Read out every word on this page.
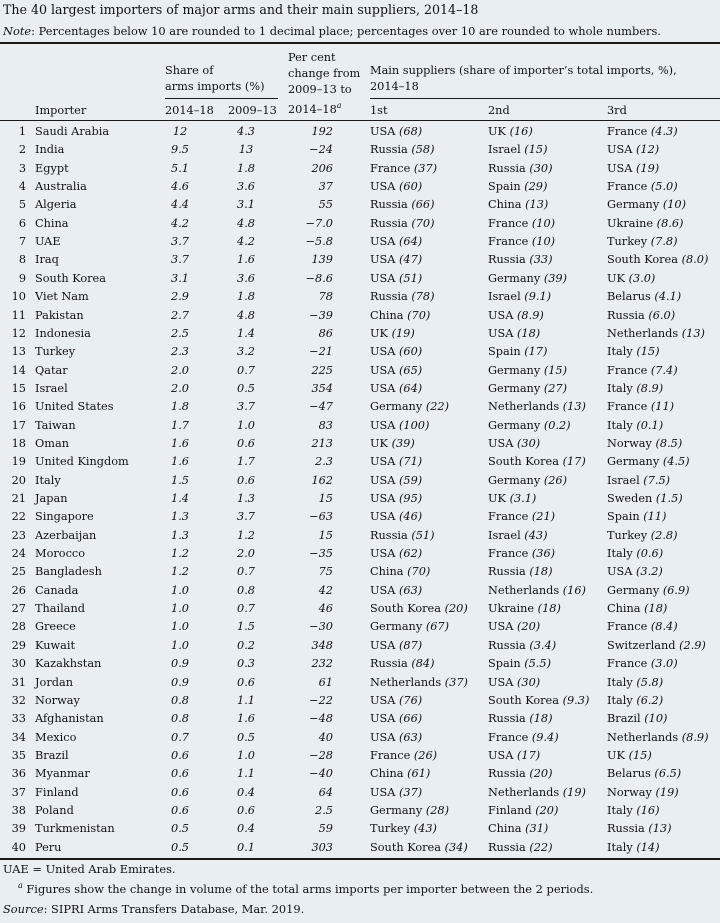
The 40 largest importers of major arms and their main suppliers, 2014–18
Note: Percentages below 10 are rounded to 1 decimal place; percentages over 10 are rounded to whole numbers.
Share of
arms imports (%)
Per cent
change from
2009–13 to
2014–18$^a$
Main suppliers (share of importer’s total imports, %),
2014–18
Importer	2014–18 2009–13	1st	2nd	3rd
1 Saudi Arabia	12	4.3	192	USA (68)	UK (16)	France (4.3)
2 India	9.5	13	−24	Russia (58)	Israel (15)	USA (12)
3 Egypt	5.1	1.8	206	France (37)	Russia (30)	USA (19)
4 Australia	4.6	3.6	37	USA (60)	Spain (29)	France (5.0)
5 Algeria	4.4	3.1	55	Russia (66)	China (13)	Germany (10)
6 China	4.2	4.8	−7.0	Russia (70)	France (10)	Ukraine (8.6)
7 UAE	3.7	4.2	−5.8	USA (64)	France (10)	Turkey (7.8)
8 Iraq	3.7	1.6	139	USA (47)	Russia (33)	South Korea (8.0)
9 South Korea	3.1	3.6	−8.6	USA (51)	Germany (39)	UK (3.0)
10 Viet Nam	2.9	1.8	78	Russia (78)	Israel (9.1)	Belarus (4.1)
11 Pakistan	2.7	4.8	−39	China (70)	USA (8.9)	Russia (6.0)
12 Indonesia	2.5	1.4	86	UK (19)	USA (18)	Netherlands (13)
13 Turkey	2.3	3.2	−21	USA (60)	Spain (17)	Italy (15)
14 Qatar	2.0	0.7	225	USA (65)	Germany (15)	France (7.4)
15 Israel	2.0	0.5	354	USA (64)	Germany (27)	Italy (8.9)
16 United States	1.8	3.7	−47	Germany (22)	Netherlands (13) France (11)
17 Taiwan	1.7	1.0	83	USA (100)	Germany (0.2)	Italy (0.1)
18 Oman	1.6	0.6	213	UK (39)	USA (30)	Norway (8.5)
19 United Kingdom	1.6	1.7	2.3	USA (71)	South Korea (17) Germany (4.5)
20 Italy	1.5	0.6	162	USA (59)	Germany (26)	Israel (7.5)
21 Japan	1.4	1.3	15	USA (95)	UK (3.1)	Sweden (1.5)
22 Singapore	1.3	3.7	−63	USA (46)	France (21)	Spain (11)
23 Azerbaijan	1.3	1.2	15	Russia (51)	Israel (43)	Turkey (2.8)
24 Morocco	1.2	2.0	−35	USA (62)	France (36)	Italy (0.6)
25 Bangladesh	1.2	0.7	75	China (70)	Russia (18)	USA (3.2)
26 Canada	1.0	0.8	42	USA (63)	Netherlands (16) Germany (6.9)
27 Thailand	1.0	0.7	46	South Korea (20) Ukraine (18)	China (18)
28 Greece	1.0	1.5	−30	Germany (67)	USA (20)	France (8.4)
29 Kuwait	1.0	0.2	348	USA (87)	Russia (3.4)	Switzerland (2.9)
30 Kazakhstan	0.9	0.3	232	Russia (84)	Spain (5.5)	France (3.0)
31 Jordan	0.9	0.6	61	Netherlands (37) USA (30)	Italy (5.8)
32 Norway	0.8	1.1	−22	USA (76)	South Korea (9.3) Italy (6.2)
33 Afghanistan	0.8	1.6	−48	USA (66)	Russia (18)	Brazil (10)
34 Mexico	0.7	0.5	40	USA (63)	France (9.4)	Netherlands (8.9)
35 Brazil	0.6	1.0	−28	France (26)	USA (17)	UK (15)
36 Myanmar	0.6	1.1	−40	China (61)	Russia (20)	Belarus (6.5)
37 Finland	0.6	0.4	64	USA (37)	Netherlands (19) Norway (19)
38 Poland	0.6	0.6	2.5	Germany (28)	Finland (20)	Italy (16)
39 Turkmenistan	0.5	0.4	59	Turkey (43)	China (31)	Russia (13)
40 Peru	0.5	0.1	303	South Korea (34) Russia (22)	Italy (14)
UAE = United Arab Emirates.
$^a$ Figures show the change in volume of the total arms imports per importer between the 2 periods.
Source: SIPRI Arms Transfers Database, Mar. 2019.
